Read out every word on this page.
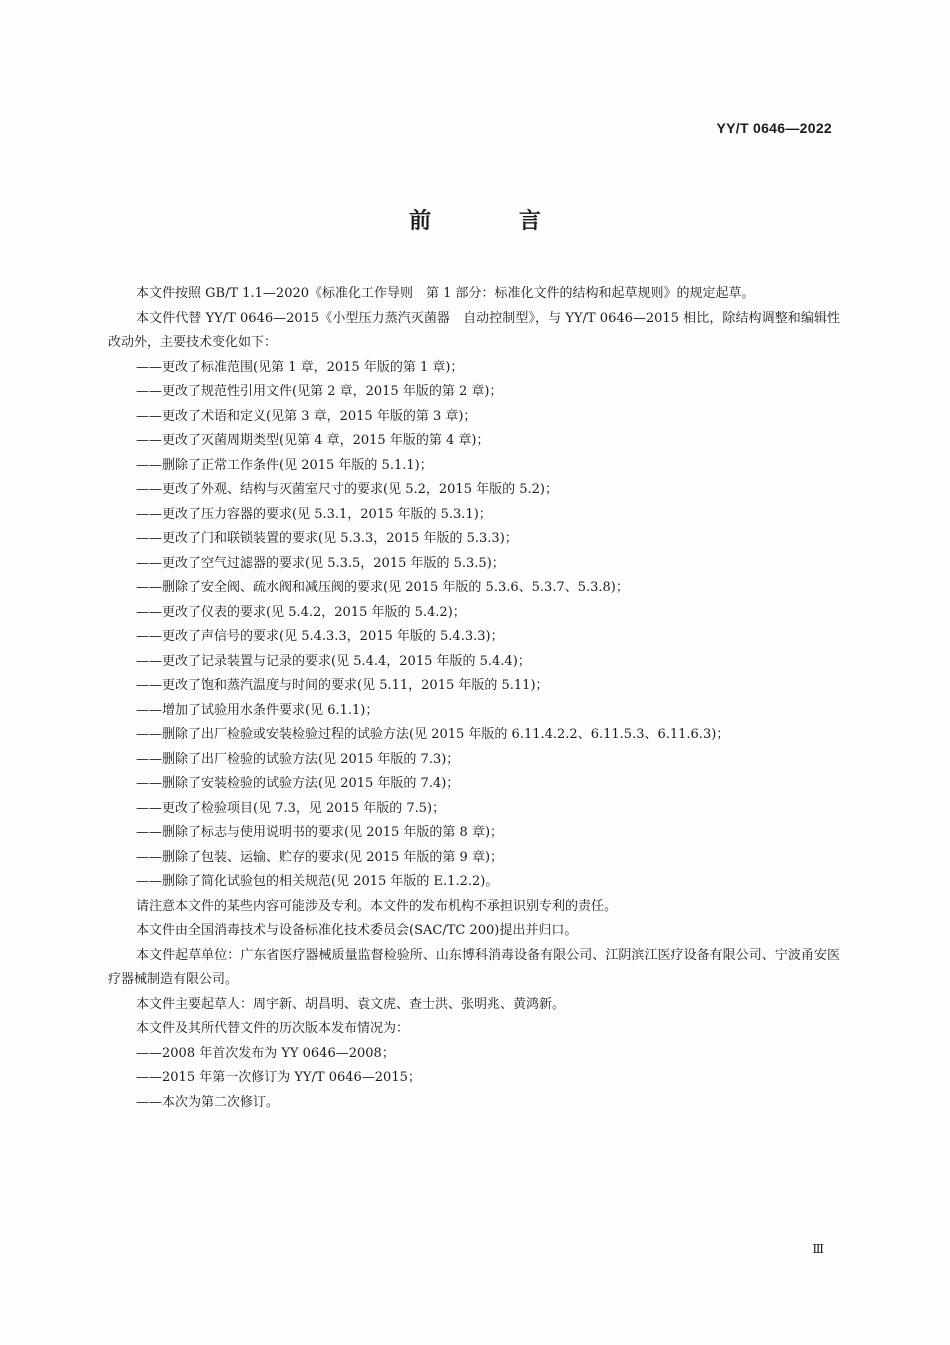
YY/T 0646—2022
前 言

本文件按照 GB/T 1.1—2020《标准化工作导则　第 1 部分：标准化文件的结构和起草规则》的规定起草。

本文件代替 YY/T 0646—2015《小型压力蒸汽灭菌器　自动控制型》，与 YY/T 0646—2015 相比，除结构调整和编辑性改动外，主要技术变化如下：

——更改了标准范围(见第 1 章，2015 年版的第 1 章)；

——更改了规范性引用文件(见第 2 章，2015 年版的第 2 章)；

——更改了术语和定义(见第 3 章，2015 年版的第 3 章)；

——更改了灭菌周期类型(见第 4 章，2015 年版的第 4 章)；

——删除了正常工作条件(见 2015 年版的 5.1.1)；

——更改了外观、结构与灭菌室尺寸的要求(见 5.2，2015 年版的 5.2)；

——更改了压力容器的要求(见 5.3.1，2015 年版的 5.3.1)；

——更改了门和联锁装置的要求(见 5.3.3，2015 年版的 5.3.3)；

——更改了空气过滤器的要求(见 5.3.5，2015 年版的 5.3.5)；

——删除了安全阀、疏水阀和减压阀的要求(见 2015 年版的 5.3.6、5.3.7、5.3.8)；

——更改了仪表的要求(见 5.4.2，2015 年版的 5.4.2)；

——更改了声信号的要求(见 5.4.3.3，2015 年版的 5.4.3.3)；

——更改了记录装置与记录的要求(见 5.4.4，2015 年版的 5.4.4)；

——更改了饱和蒸汽温度与时间的要求(见 5.11，2015 年版的 5.11)；

——增加了试验用水条件要求(见 6.1.1)；

——删除了出厂检验或安装检验过程的试验方法(见 2015 年版的 6.11.4.2.2、6.11.5.3、6.11.6.3)；

——删除了出厂检验的试验方法(见 2015 年版的 7.3)；

——删除了安装检验的试验方法(见 2015 年版的 7.4)；

——更改了检验项目(见 7.3，见 2015 年版的 7.5)；

——删除了标志与使用说明书的要求(见 2015 年版的第 8 章)；

——删除了包装、运输、贮存的要求(见 2015 年版的第 9 章)；

——删除了简化试验包的相关规范(见 2015 年版的 E.1.2.2)。

请注意本文件的某些内容可能涉及专利。本文件的发布机构不承担识别专利的责任。

本文件由全国消毒技术与设备标准化技术委员会(SAC/TC 200)提出并归口。

本文件起草单位：广东省医疗器械质量监督检验所、山东博科消毒设备有限公司、江阴滨江医疗设备有限公司、宁波甬安医疗器械制造有限公司。

本文件主要起草人：周宇新、胡昌明、袁文虎、查士洪、张明兆、黄鸿新。

本文件及其所代替文件的历次版本发布情况为：

——2008 年首次发布为 YY 0646—2008；

——2015 年第一次修订为 YY/T 0646—2015；

——本次为第二次修订。

Ⅲ
